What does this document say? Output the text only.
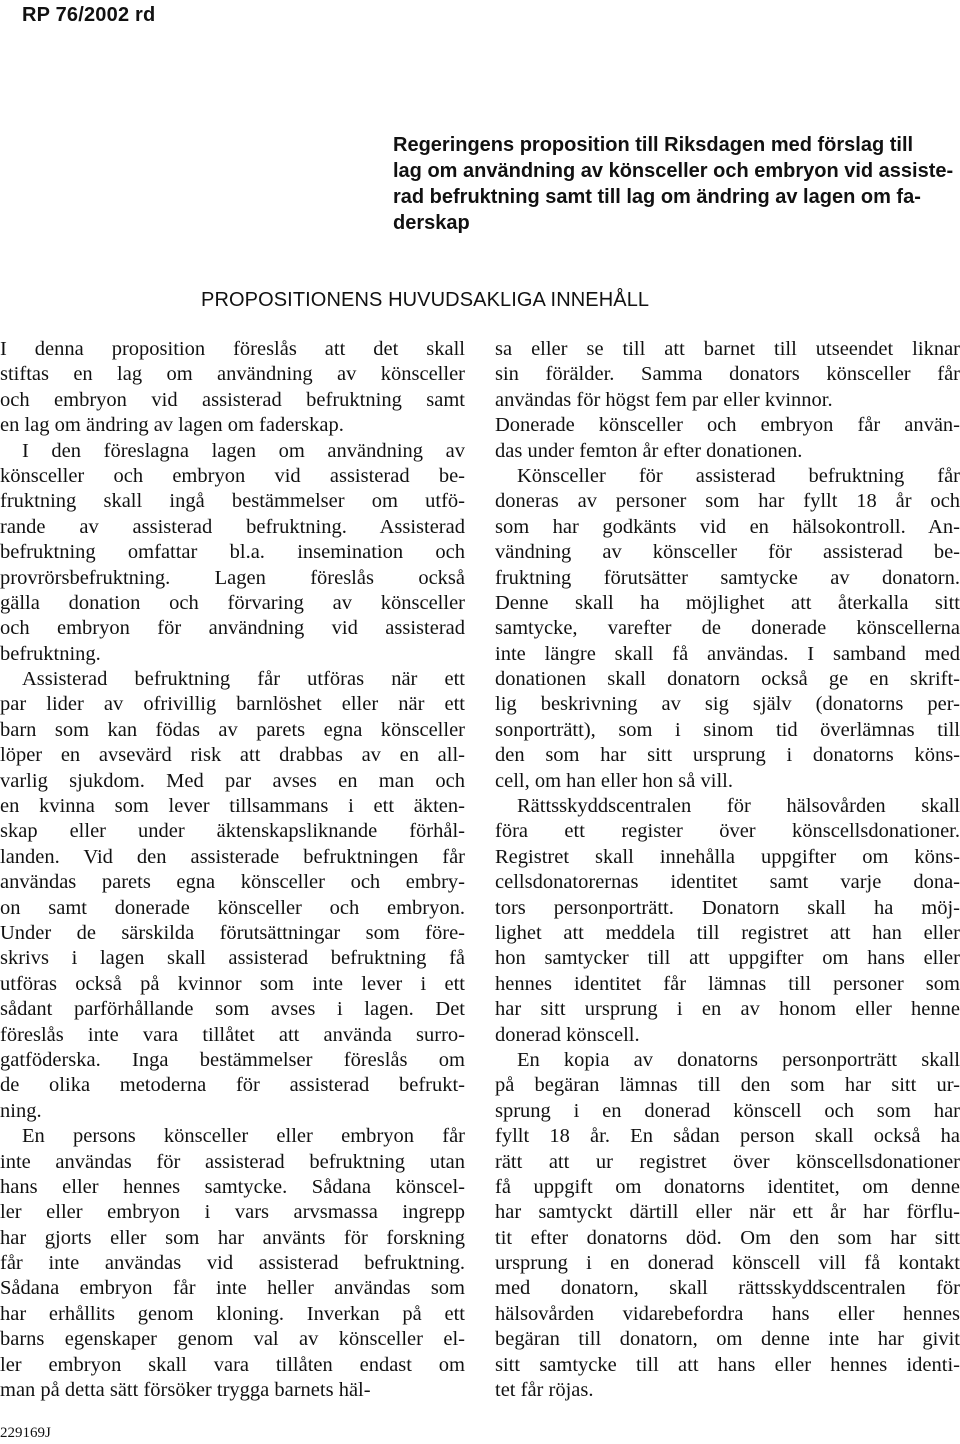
RP 76/2002 rd
Regeringens proposition till Riksdagen med förslag till
lag om användning av könsceller och embryon vid assiste-
rad befruktning samt till lag om ändring av lagen om fa-
derskap
PROPOSITIONENS HUVUDSAKLIGA INNEHÅLL
I denna proposition föreslås att det skall
stiftas en lag om användning av könsceller
och embryon vid assisterad befruktning samt
en lag om ändring av lagen om faderskap.
I den föreslagna lagen om användning av
könsceller och embryon vid assisterad be-
fruktning skall ingå bestämmelser om utfö-
rande av assisterad befruktning. Assisterad
befruktning omfattar bl.a. insemination och
provrörsbefruktning. Lagen föreslås också
gälla donation och förvaring av könsceller
och embryon för användning vid assisterad
befruktning.
Assisterad befruktning får utföras när ett
par lider av ofrivillig barnlöshet eller när ett
barn som kan födas av parets egna könsceller
löper en avsevärd risk att drabbas av en all-
varlig sjukdom. Med par avses en man och
en kvinna som lever tillsammans i ett äkten-
skap eller under äktenskapsliknande förhål-
landen. Vid den assisterade befruktningen får
användas parets egna könsceller och embry-
on samt donerade könsceller och embryon.
Under de särskilda förutsättningar som före-
skrivs i lagen skall assisterad befruktning få
utföras också på kvinnor som inte lever i ett
sådant parförhållande som avses i lagen. Det
föreslås inte vara tillåtet att använda surro-
gatföderska. Inga bestämmelser föreslås om
de olika metoderna för assisterad befrukt-
ning.
En persons könsceller eller embryon får
inte användas för assisterad befruktning utan
hans eller hennes samtycke. Sådana könscel-
ler eller embryon i vars arvsmassa ingrepp
har gjorts eller som har använts för forskning
får inte användas vid assisterad befruktning.
Sådana embryon får inte heller användas som
har erhållits genom kloning. Inverkan på ett
barns egenskaper genom val av könsceller el-
ler embryon skall vara tillåten endast om
man på detta sätt försöker trygga barnets häl-
sa eller se till att barnet till utseendet liknar
sin förälder. Samma donators könsceller får
användas för högst fem par eller kvinnor.
Donerade könsceller och embryon får använ-
das under femton år efter donationen.
Könsceller för assisterad befruktning får
doneras av personer som har fyllt 18 år och
som har godkänts vid en hälsokontroll. An-
vändning av könsceller för assisterad be-
fruktning förutsätter samtycke av donatorn.
Denne skall ha möjlighet att återkalla sitt
samtycke, varefter de donerade könscellerna
inte längre skall få användas. I samband med
donationen skall donatorn också ge en skrift-
lig beskrivning av sig själv (donatorns per-
sonporträtt), som i sinom tid överlämnas till
den som har sitt ursprung i donatorns köns-
cell, om han eller hon så vill.
Rättsskyddscentralen för hälsovården skall
föra ett register över könscellsdonationer.
Registret skall innehålla uppgifter om köns-
cellsdonatorernas identitet samt varje dona-
tors personporträtt. Donatorn skall ha möj-
lighet att meddela till registret att han eller
hon samtycker till att uppgifter om hans eller
hennes identitet får lämnas till personer som
har sitt ursprung i en av honom eller henne
donerad könscell.
En kopia av donatorns personporträtt skall
på begäran lämnas till den som har sitt ur-
sprung i en donerad könscell och som har
fyllt 18 år. En sådan person skall också ha
rätt att ur registret över könscellsdonationer
få uppgift om donatorns identitet, om denne
har samtyckt därtill eller när ett år har förflu-
tit efter donatorns död. Om den som har sitt
ursprung i en donerad könscell vill få kontakt
med donatorn, skall rättsskyddscentralen för
hälsovården vidarebefordra hans eller hennes
begäran till donatorn, om denne inte har givit
sitt samtycke till att hans eller hennes identi-
tet får röjas.
229169J
